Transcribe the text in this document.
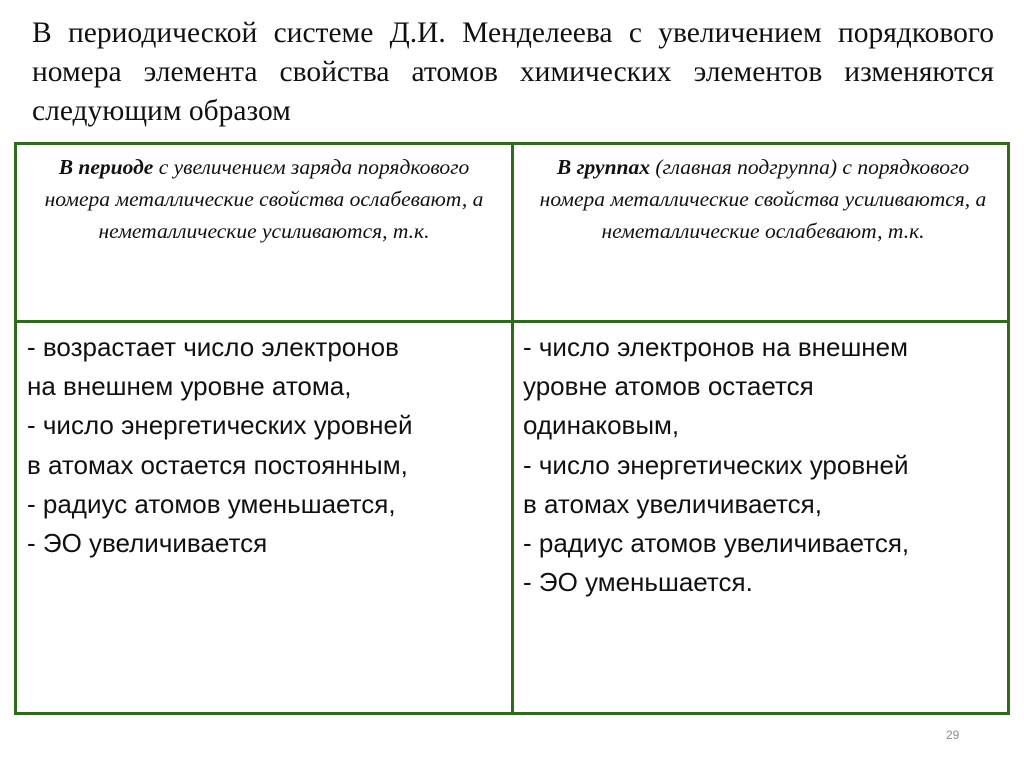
В периодической системе Д.И. Менделеева с увеличением порядкового номера элемента свойства атомов химических элементов изменяются следующим образом

В периоде с увеличением заряда порядкового номера металлические свойства ослабевают, а неметаллические усиливаются, т.к.
В группах (главная подгруппа) с порядкового номера металлические свойства усиливаются, а неметаллические ослабевают, т.к.
- возрастает число электронов
на внешнем уровне атома,
- число энергетических уровней
в атомах остается постоянным,
- радиус атомов уменьшается,
- ЭО увеличивается
- число электронов на внешнем
уровне атомов остается
одинаковым,
- число энергетических уровней
в атомах увеличивается,
- радиус атомов увеличивается,
- ЭО уменьшается.
29
